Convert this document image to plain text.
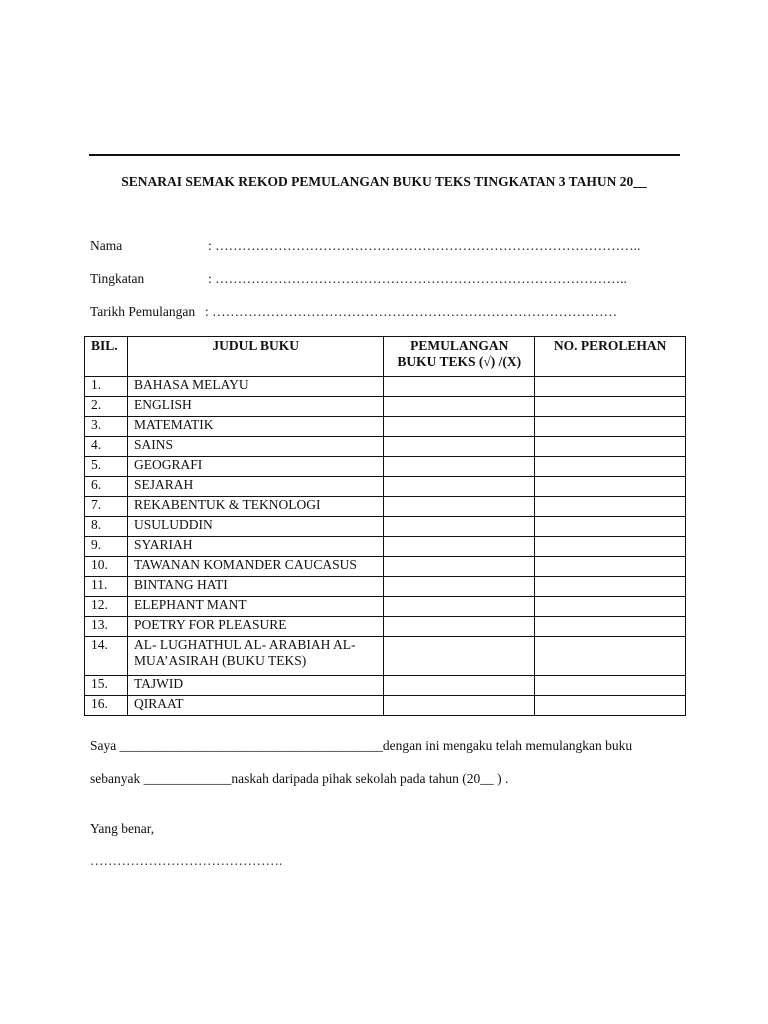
SENARAI SEMAK REKOD PEMULANGAN BUKU TEKS TINGKATAN 3 TAHUN 20__
Nama	: …………………………………………………………………………………..
Tingkatan	: ………………………………………………………………………………..
Tarikh Pemulangan : ………………………………………………………………………………
BIL.	JUDUL BUKU	PEMULANGAN BUKU TEKS (√) /(X)	NO. PEROLEHAN
1.	BAHASA MELAYU		
2.	ENGLISH		
3.	MATEMATIK		
4.	SAINS		
5.	GEOGRAFI		
6.	SEJARAH		
7.	REKABENTUK & TEKNOLOGI		
8.	USULUDDIN		
9.	SYARIAH		
10.	TAWANAN KOMANDER CAUCASUS		
11.	BINTANG HATI		
12.	ELEPHANT MANT		
13.	POETRY FOR PLEASURE		
14.	AL- LUGHATHUL AL- ARABIAH AL-MUA’ASIRAH (BUKU TEKS)		
15.	TAJWID		
16.	QIRAAT		
Saya _______________________________________dengan ini mengaku telah memulangkan buku
sebanyak _____________naskah daripada pihak sekolah pada tahun (20__ ) .
Yang benar,
…………………………………….
